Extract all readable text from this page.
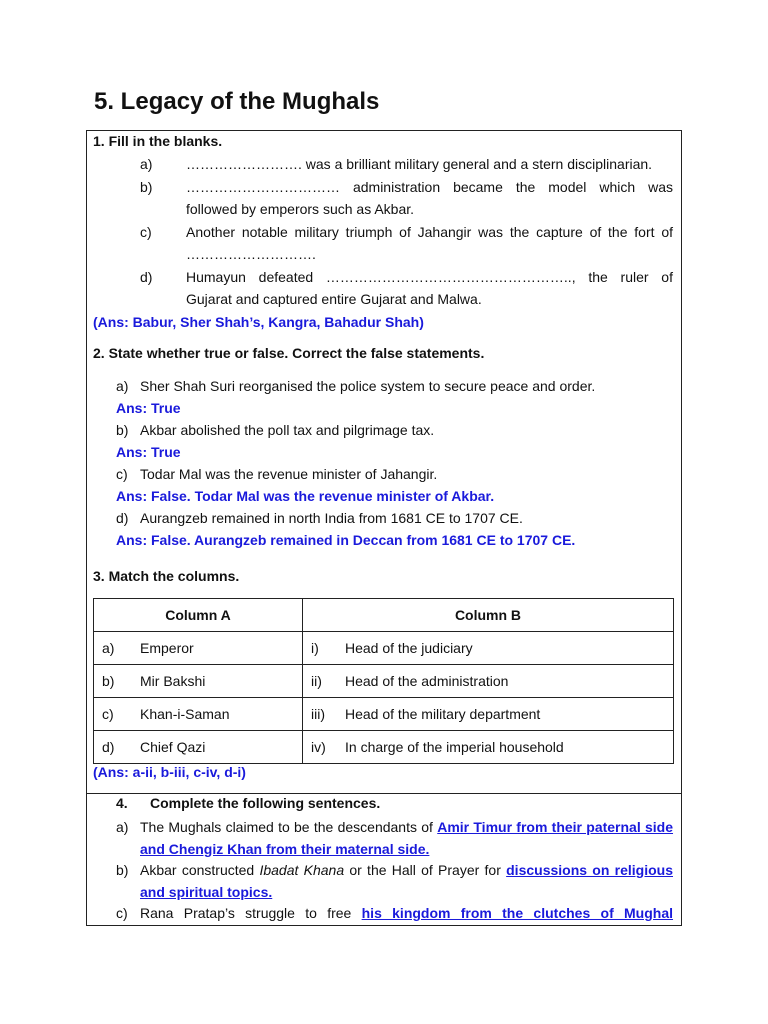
5. Legacy of the Mughals
1. Fill in the blanks.
a)	……………………. was a brilliant military general and a stern disciplinarian.
b)	…………………………… administration became the model which was followed by emperors such as Akbar.
c)	Another notable military triumph of Jahangir was the capture of the fort of ……………………….
d)	Humayun defeated …………………………………………….., the ruler of Gujarat and captured entire Gujarat and Malwa.
(Ans: Babur, Sher Shah’s, Kangra, Bahadur Shah)
2. State whether true or false. Correct the false statements.
a) Sher Shah Suri reorganised the police system to secure peace and order.
Ans: True
b) Akbar abolished the poll tax and pilgrimage tax.
Ans: True
c) Todar Mal was the revenue minister of Jahangir.
Ans: False. Todar Mal was the revenue minister of Akbar.
d) Aurangzeb remained in north India from 1681 CE to 1707 CE.
Ans: False. Aurangzeb remained in Deccan from 1681 CE to 1707 CE.
3. Match the columns.
Column A	Column B
a) Emperor	i) Head of the judiciary
b) Mir Bakshi	ii) Head of the administration
c) Khan-i-Saman	iii) Head of the military department
d) Chief Qazi	iv) In charge of the imperial household
(Ans: a-ii, b-iii, c-iv, d-i)
4. Complete the following sentences.
a) The Mughals claimed to be the descendants of Amir Timur from their paternal side and Chengiz Khan from their maternal side.
b) Akbar constructed Ibadat Khana or the Hall of Prayer for discussions on religious and spiritual topics.
c) Rana Pratap’s struggle to free his kingdom from the clutches of Mughal
